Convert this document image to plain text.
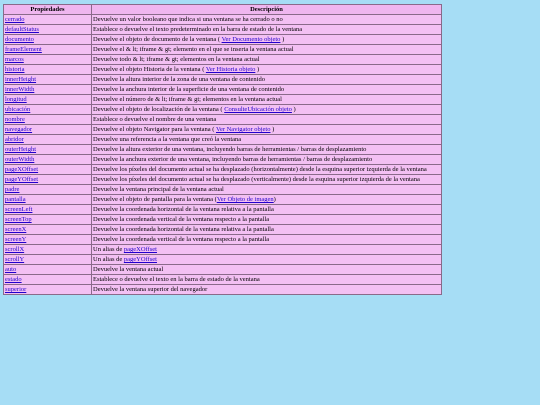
Propiedades	Descripción
cerrado	Devuelve un valor booleano que indica si una ventana se ha cerrado o no
defaultStatus	Establece o devuelve el texto predeterminado en la barra de estado de la ventana
documento	Devuelve el objeto de documento de la ventana ( Ver Documento objeto )
frameElement	Devuelve el & lt; iframe & gt; elemento en el que se inserta la ventana actual
marcos	Devuelve todo & lt; iframe & gt; elementos en la ventana actual
historia	Devuelve el objeto Historia de la ventana ( Ver Historia objeto )
innerHeight	Devuelve la altura interior de la zona de una ventana de contenido
innerWidth	Devuelve la anchura interior de la superficie de una ventana de contenido
longitud	Devuelve el número de & lt; iframe & gt; elementos en la ventana actual
ubicación	Devuelve el objeto de localización de la ventana ( ConsulteUbicación objeto )
nombre	Establece o devuelve el nombre de una ventana
navegador	Devuelve el objeto Navigator para la ventana ( Ver Navigator objeto )
abridor	Devuelve una referencia a la ventana que creó la ventana
outerHeight	Devuelve la altura exterior de una ventana, incluyendo barras de herramientas / barras de desplazamiento
outerWidth	Devuelve la anchura exterior de una ventana, incluyendo barras de herramientas / barras de desplazamiento
pageXOffset	Devuelve los píxeles del documento actual se ha desplazado (horizontalmente) desde la esquina superior izquierda de la ventana
pageYOffset	Devuelve los píxeles del documento actual se ha desplazado (verticalmente) desde la esquina superior izquierda de la ventana
padre	Devuelve la ventana principal de la ventana actual
pantalla	Devuelve el objeto de pantalla para la ventana (Ver Objeto de imagen)
screenLeft	Devuelve la coordenada horizontal de la ventana relativa a la pantalla
screenTop	Devuelve la coordenada vertical de la ventana respecto a la pantalla
screenX	Devuelve la coordenada horizontal de la ventana relativa a la pantalla
screenY	Devuelve la coordenada vertical de la ventana respecto a la pantalla
scrollX	Un alias de pageXOffset
scrollY	Un alias de pageYOffset
auto	Devuelve la ventana actual
estado	Establece o devuelve el texto en la barra de estado de la ventana
superior	Devuelve la ventana superior del navegador
